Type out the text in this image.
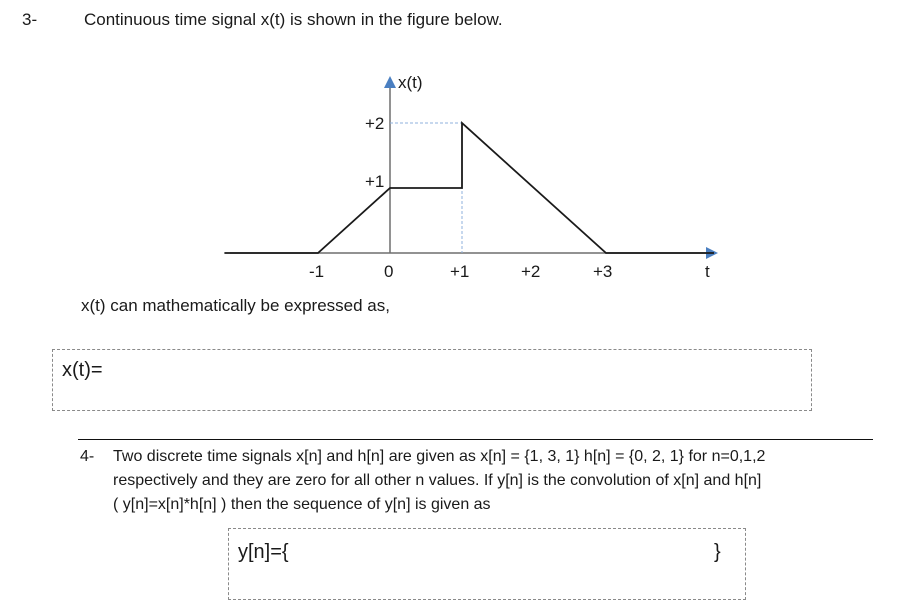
3-	Continuous time signal x(t) is shown in the figure below.
x(t)
+2
+1
-1	0	+1	+2	+3	t
x(t) can mathematically be expressed as,
x(t)=
4- Two discrete time signals x[n] and h[n] are given as x[n] = {1, 3, 1} h[n] = {0, 2, 1} for n=0,1,2
respectively and they are zero for all other n values. If y[n] is the convolution of x[n] and h[n]
( y[n]=x[n]*h[n] ) then the sequence of y[n] is given as
y[n]={	}
